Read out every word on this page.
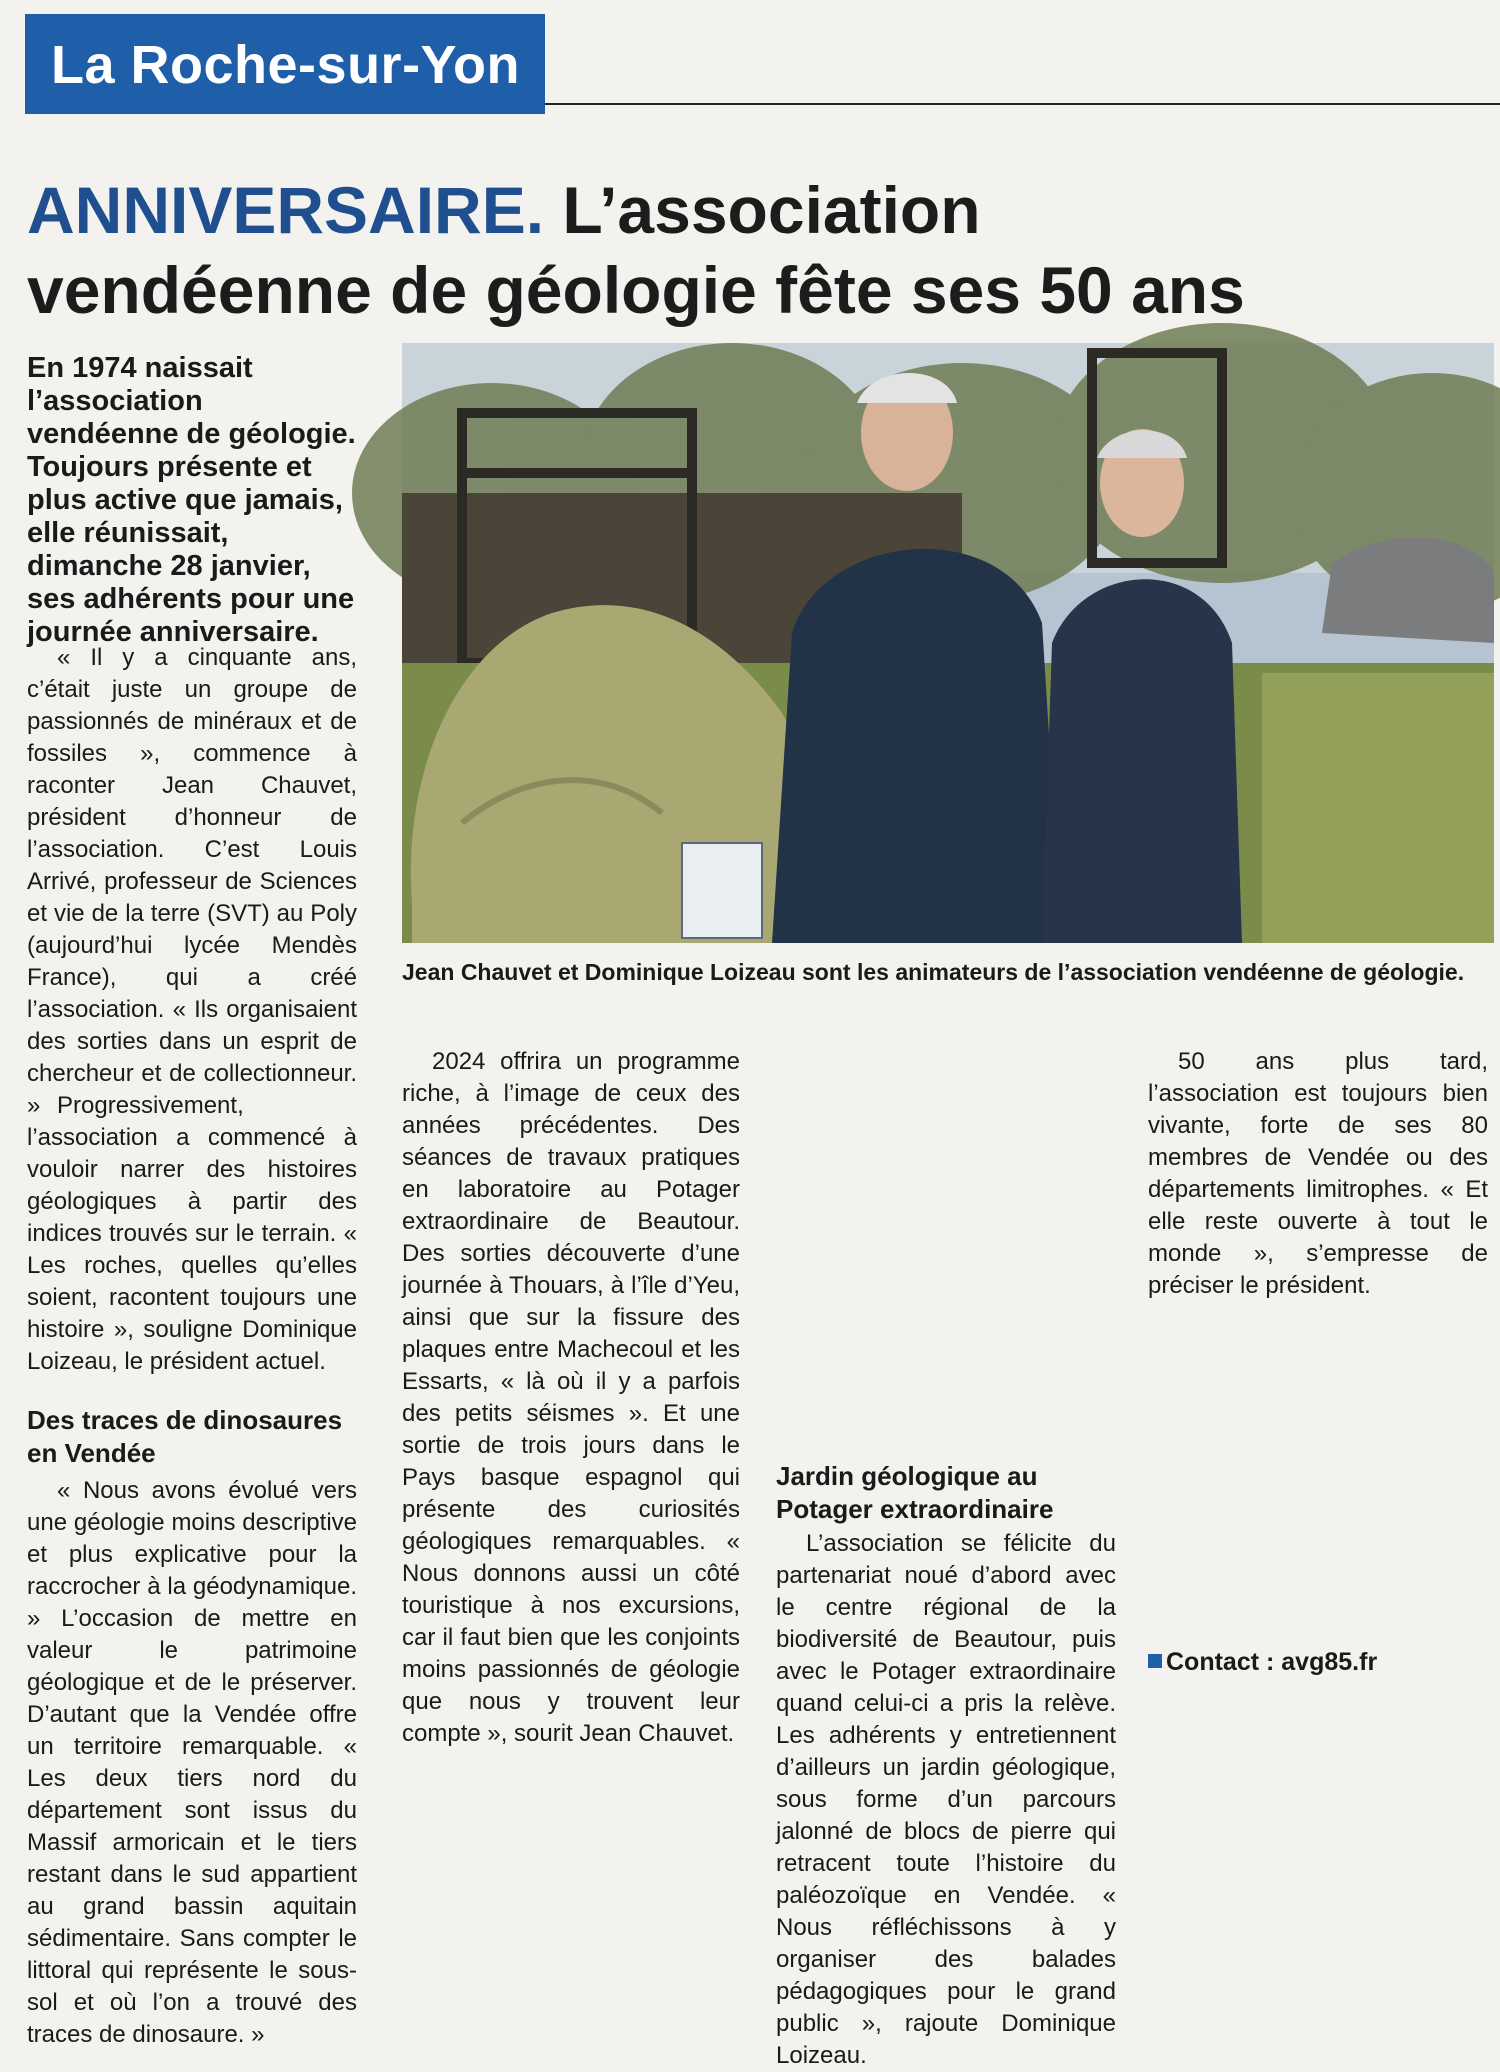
La Roche-sur-Yon
ANNIVERSAIRE. L’association vendéenne de géologie fête ses 50 ans

En 1974 naissait l’association vendéenne de géologie. Toujours présente et plus active que jamais, elle réunissait, dimanche 28 janvier, ses adhérents pour une journée anniversaire.

Jean Chauvet et Dominique Loizeau sont les animateurs de l’association vendéenne de géologie.

« Il y a cinquante ans, c’était juste un groupe de passionnés de minéraux et de fossiles », commence à raconter Jean Chauvet, président d’honneur de l’association. C’est Louis Arrivé, professeur de Sciences et vie de la terre (SVT) au Poly (aujourd’hui lycée Mendès France), qui a créé l’association. « Ils organisaient des sorties dans un esprit de chercheur et de collectionneur. » Progressivement, l’association a commencé à vouloir narrer des histoires géologiques à partir des indices trouvés sur le terrain. « Les roches, quelles qu’elles soient, racontent toujours une histoire », souligne Dominique Loizeau, le président actuel.

Des traces de dinosaures en Vendée

« Nous avons évolué vers une géologie moins descriptive et plus explicative pour la raccrocher à la géodynamique. » L’occasion de mettre en valeur le patrimoine géologique et de le préserver. D’autant que la Vendée offre un territoire remarquable. « Les deux tiers nord du département sont issus du Massif armoricain et le tiers restant dans le sud appartient au grand bassin aquitain sédimentaire. Sans compter le littoral qui représente le sous-sol et où l’on a trouvé des traces de dinosaure. »

2024 offrira un programme riche, à l’image de ceux des années précédentes. Des séances de travaux pratiques en laboratoire au Potager extraordinaire de Beautour. Des sorties découverte d’une journée à Thouars, à l’île d’Yeu, ainsi que sur la fissure des plaques entre Machecoul et les Essarts, « là où il y a parfois des petits séismes ». Et une sortie de trois jours dans le Pays basque espagnol qui présente des curiosités géologiques remarquables. « Nous donnons aussi un côté touristique à nos excursions, car il faut bien que les conjoints moins passionnés de géologie que nous y trouvent leur compte », sourit Jean Chauvet.

Jardin géologique au Potager extraordinaire

L’association se félicite du partenariat noué d’abord avec le centre régional de la biodiversité de Beautour, puis avec le Potager extraordinaire quand celui-ci a pris la relève. Les adhérents y entretiennent d’ailleurs un jardin géologique, sous forme d’un parcours jalonné de blocs de pierre qui retracent toute l’histoire du paléozoïque en Vendée. « Nous réfléchissons à y organiser des balades pédagogiques pour le grand public », rajoute Dominique Loizeau.

50 ans plus tard, l’association est toujours bien vivante, forte de ses 80 membres de Vendée ou des départements limitrophes. « Et elle reste ouverte à tout le monde », s’empresse de préciser le président.

Contact : avg85.fr
